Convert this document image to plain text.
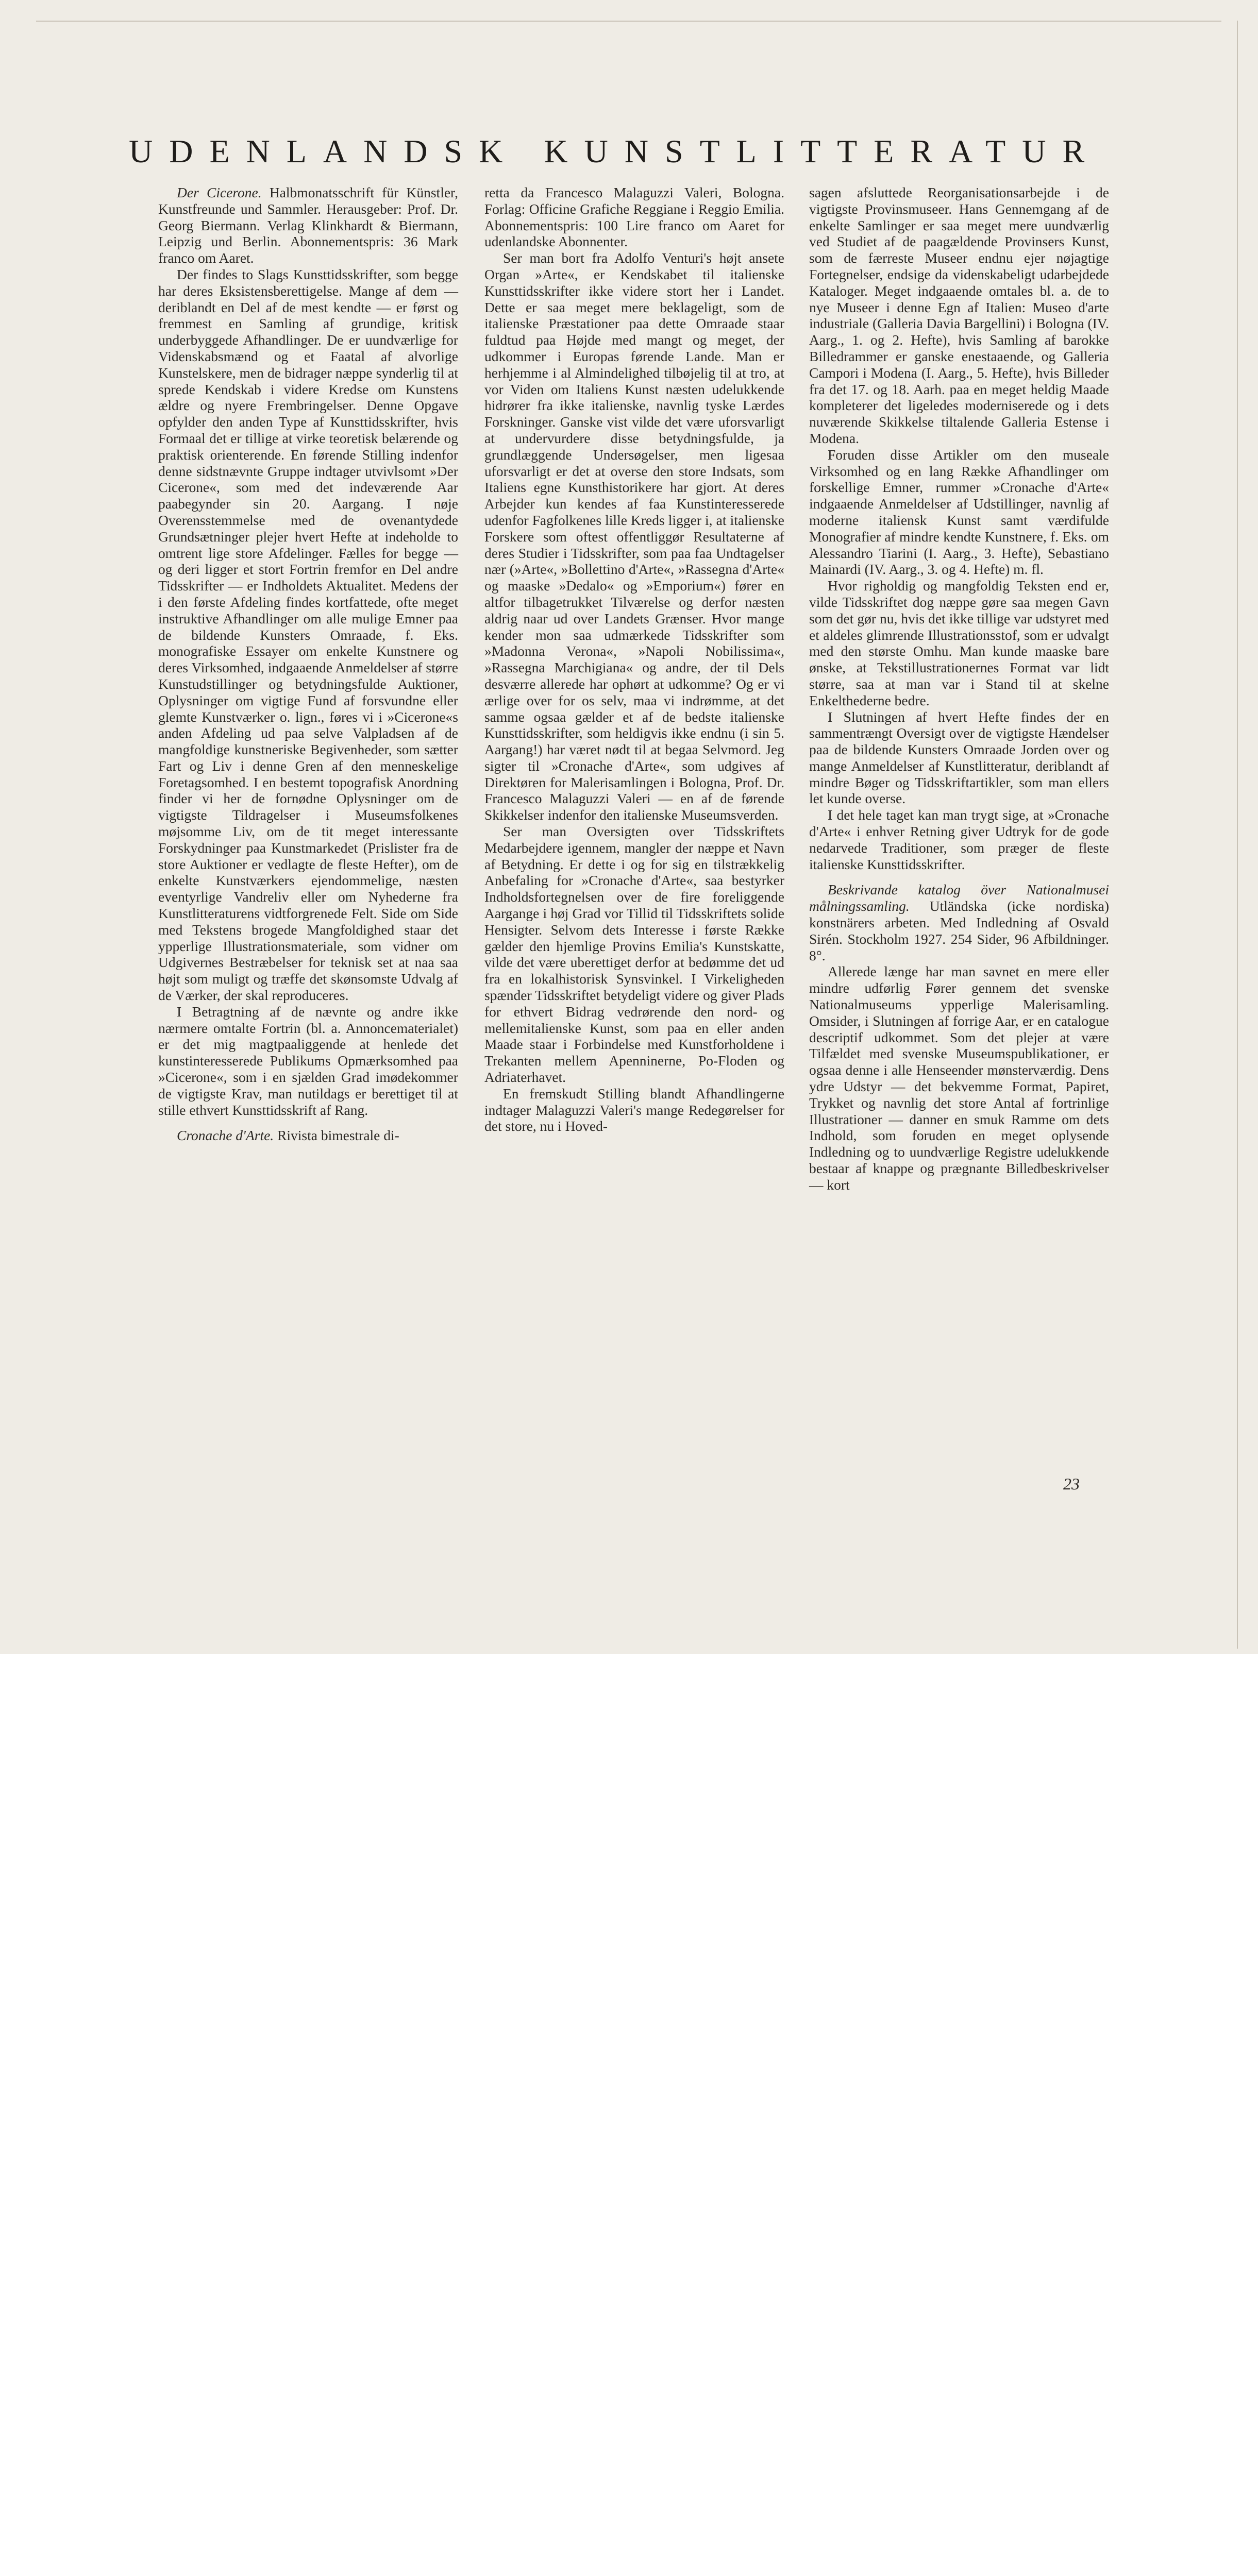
UDENLANDSK KUNSTLITTERATUR

Der Cicerone. Halbmonatsschrift für Künstler, Kunstfreunde und Sammler. Herausgeber: Prof. Dr. Georg Biermann. Verlag Klinkhardt & Biermann, Leipzig und Berlin. Abonnementspris: 36 Mark franco om Aaret.

Der findes to Slags Kunsttidsskrifter, som begge har deres Eksistensberettigelse. Mange af dem — deriblandt en Del af de mest kendte — er først og fremmest en Samling af grundige, kritisk underbyggede Afhandlinger. De er uundværlige for Videnskabsmænd og et Faatal af alvorlige Kunstelskere, men de bidrager næppe synderlig til at sprede Kendskab i videre Kredse om Kunstens ældre og nyere Frembringelser. Denne Opgave opfylder den anden Type af Kunsttidsskrifter, hvis Formaal det er tillige at virke teoretisk belærende og praktisk orienterende. En førende Stilling indenfor denne sidstnævnte Gruppe indtager utvivlsomt »Der Cicerone«, som med det indeværende Aar paabegynder sin 20. Aargang. I nøje Overensstemmelse med de ovenantydede Grundsætninger plejer hvert Hefte at indeholde to omtrent lige store Afdelinger. Fælles for begge — og deri ligger et stort Fortrin fremfor en Del andre Tidsskrifter — er Indholdets Aktualitet. Medens der i den første Afdeling findes kortfattede, ofte meget instruktive Afhandlinger om alle mulige Emner paa de bildende Kunsters Omraade, f. Eks. monografiske Essayer om enkelte Kunstnere og deres Virksomhed, indgaaende Anmeldelser af større Kunstudstillinger og betydningsfulde Auktioner, Oplysninger om vigtige Fund af forsvundne eller glemte Kunstværker o. lign., føres vi i »Cicerone«s anden Afdeling ud paa selve Valpladsen af de mangfoldige kunstneriske Begivenheder, som sætter Fart og Liv i denne Gren af den menneskelige Foretagsomhed. I en bestemt topografisk Anordning finder vi her de fornødne Oplysninger om de vigtigste Tildragelser i Museumsfolkenes møjsomme Liv, om de tit meget interessante Forskydninger paa Kunstmarkedet (Prislister fra de store Auktioner er vedlagte de fleste Hefter), om de enkelte Kunstværkers ejendommelige, næsten eventyrlige Vandreliv eller om Nyhederne fra Kunstlitteraturens vidtforgrenede Felt. Side om Side med Tekstens brogede Mangfoldighed staar det ypperlige Illustrationsmateriale, som vidner om Udgivernes Bestræbelser for teknisk set at naa saa højt som muligt og træffe det skønsomste Udvalg af de Værker, der skal reproduceres.

I Betragtning af de nævnte og andre ikke nærmere omtalte Fortrin (bl. a. Annoncematerialet) er det mig magtpaaliggende at henlede det kunstinteresserede Publikums Opmærksomhed paa »Cicerone«, som i en sjælden Grad imødekommer de vigtigste Krav, man nutildags er berettiget til at stille ethvert Kunsttidsskrift af Rang.

Cronache d'Arte. Rivista bimestrale di-

retta da Francesco Malaguzzi Valeri, Bologna. Forlag: Officine Grafiche Reggiane i Reggio Emilia. Abonnementspris: 100 Lire franco om Aaret for udenlandske Abonnenter.

Ser man bort fra Adolfo Venturi's højt ansete Organ »Arte«, er Kendskabet til italienske Kunsttidsskrifter ikke videre stort her i Landet. Dette er saa meget mere beklageligt, som de italienske Præstationer paa dette Omraade staar fuldtud paa Højde med mangt og meget, der udkommer i Europas førende Lande. Man er herhjemme i al Almindelighed tilbøjelig til at tro, at vor Viden om Italiens Kunst næsten udelukkende hidrører fra ikke italienske, navnlig tyske Lærdes Forskninger. Ganske vist vilde det være uforsvarligt at undervurdere disse betydningsfulde, ja grundlæggende Undersøgelser, men ligesaa uforsvarligt er det at overse den store Indsats, som Italiens egne Kunsthistorikere har gjort. At deres Arbejder kun kendes af faa Kunstinteresserede udenfor Fagfolkenes lille Kreds ligger i, at italienske Forskere som oftest offentliggør Resultaterne af deres Studier i Tidsskrifter, som paa faa Undtagelser nær (»Arte«, »Bollettino d'Arte«, »Rassegna d'Arte« og maaske »Dedalo« og »Emporium«) fører en altfor tilbagetrukket Tilværelse og derfor næsten aldrig naar ud over Landets Grænser. Hvor mange kender mon saa udmærkede Tidsskrifter som »Madonna Verona«, »Napoli Nobilissima«, »Rassegna Marchigiana« og andre, der til Dels desværre allerede har ophørt at udkomme? Og er vi ærlige over for os selv, maa vi indrømme, at det samme ogsaa gælder et af de bedste italienske Kunsttidsskrifter, som heldigvis ikke endnu (i sin 5. Aargang!) har været nødt til at begaa Selvmord. Jeg sigter til »Cronache d'Arte«, som udgives af Direktøren for Malerisamlingen i Bologna, Prof. Dr. Francesco Malaguzzi Valeri — en af de førende Skikkelser indenfor den italienske Museumsverden.

Ser man Oversigten over Tidsskriftets Medarbejdere igennem, mangler der næppe et Navn af Betydning. Er dette i og for sig en tilstrækkelig Anbefaling for »Cronache d'Arte«, saa bestyrker Indholdsfortegnelsen over de fire foreliggende Aargange i høj Grad vor Tillid til Tidsskriftets solide Hensigter. Selvom dets Interesse i første Række gælder den hjemlige Provins Emilia's Kunstskatte, vilde det være uberettiget derfor at bedømme det ud fra en lokalhistorisk Synsvinkel. I Virkeligheden spænder Tidsskriftet betydeligt videre og giver Plads for ethvert Bidrag vedrørende den nord- og mellemitalienske Kunst, som paa en eller anden Maade staar i Forbindelse med Kunstforholdene i Trekanten mellem Apenninerne, Po-Floden og Adriaterhavet.

En fremskudt Stilling blandt Afhandlingerne indtager Malaguzzi Valeri's mange Redegørelser for det store, nu i Hoved-

sagen afsluttede Reorganisationsarbejde i de vigtigste Provinsmuseer. Hans Gennemgang af de enkelte Samlinger er saa meget mere uundværlig ved Studiet af de paagældende Provinsers Kunst, som de færreste Museer endnu ejer nøjagtige Fortegnelser, endsige da videnskabeligt udarbejdede Kataloger. Meget indgaaende omtales bl. a. de to nye Museer i denne Egn af Italien: Museo d'arte industriale (Galleria Davia Bargellini) i Bologna (IV. Aarg., 1. og 2. Hefte), hvis Samling af barokke Billedrammer er ganske enestaaende, og Galleria Campori i Modena (I. Aarg., 5. Hefte), hvis Billeder fra det 17. og 18. Aarh. paa en meget heldig Maade kompleterer det ligeledes moderniserede og i dets nuværende Skikkelse tiltalende Galleria Estense i Modena.

Foruden disse Artikler om den museale Virksomhed og en lang Række Afhandlinger om forskellige Emner, rummer »Cronache d'Arte« indgaaende Anmeldelser af Udstillinger, navnlig af moderne italiensk Kunst samt værdifulde Monografier af mindre kendte Kunstnere, f. Eks. om Alessandro Tiarini (I. Aarg., 3. Hefte), Sebastiano Mainardi (IV. Aarg., 3. og 4. Hefte) m. fl.

Hvor righoldig og mangfoldig Teksten end er, vilde Tidsskriftet dog næppe gøre saa megen Gavn som det gør nu, hvis det ikke tillige var udstyret med et aldeles glimrende Illustrationsstof, som er udvalgt med den største Omhu. Man kunde maaske bare ønske, at Tekstillustrationernes Format var lidt større, saa at man var i Stand til at skelne Enkelthederne bedre.

I Slutningen af hvert Hefte findes der en sammentrængt Oversigt over de vigtigste Hændelser paa de bildende Kunsters Omraade Jorden over og mange Anmeldelser af Kunstlitteratur, deriblandt af mindre Bøger og Tidsskriftartikler, som man ellers let kunde overse.

I det hele taget kan man trygt sige, at »Cronache d'Arte« i enhver Retning giver Udtryk for de gode nedarvede Traditioner, som præger de fleste italienske Kunsttidsskrifter.

Beskrivande katalog över Nationalmusei målningssamling. Utländska (icke nordiska) konstnärers arbeten. Med Indledning af Osvald Sirén. Stockholm 1927. 254 Sider, 96 Afbildninger. 8°.

Allerede længe har man savnet en mere eller mindre udførlig Fører gennem det svenske Nationalmuseums ypperlige Malerisamling. Omsider, i Slutningen af forrige Aar, er en catalogue descriptif udkommet. Som det plejer at være Tilfældet med svenske Museumspublikationer, er ogsaa denne i alle Henseender mønsterværdig. Dens ydre Udstyr — det bekvemme Format, Papiret, Trykket og navnlig det store Antal af fortrinlige Illustrationer — danner en smuk Ramme om dets Indhold, som foruden en meget oplysende Indledning og to uundværlige Registre udelukkende bestaar af knappe og prægnante Billedbeskrivelser — kort

23
